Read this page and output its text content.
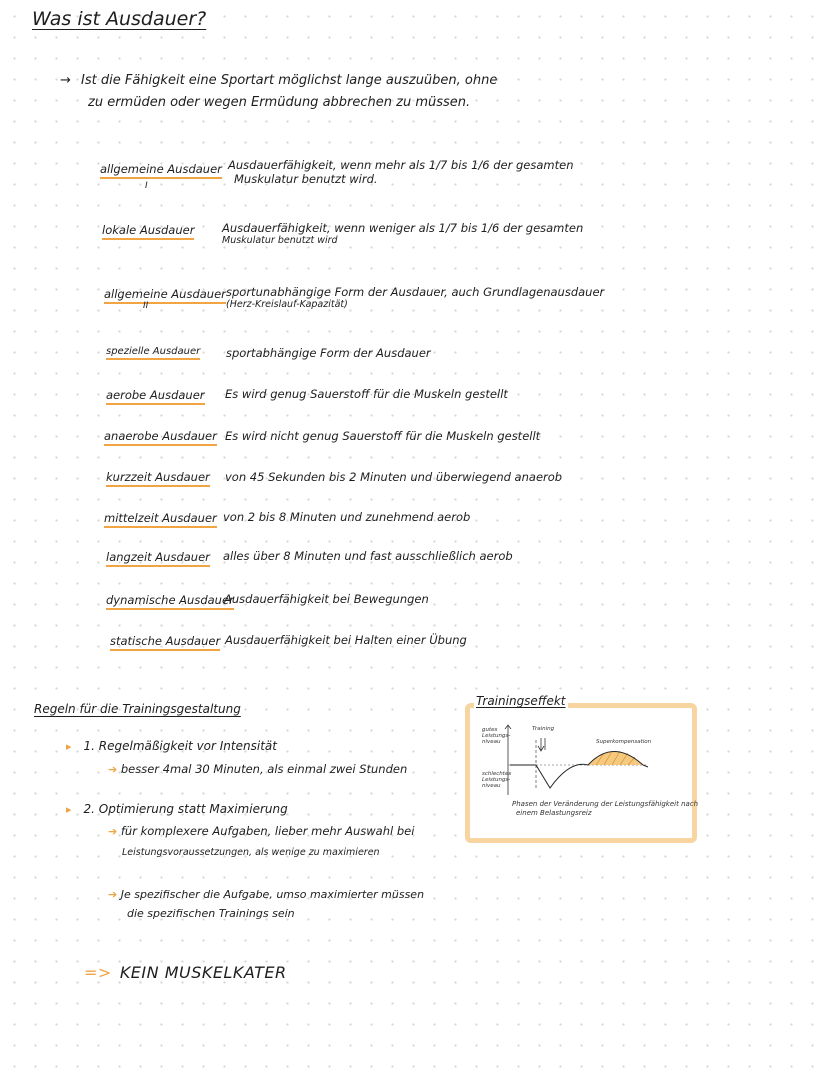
Was ist Ausdauer?
→ Ist die Fähigkeit eine Sportart möglichst lange auszuüben, ohne
zu ermüden oder wegen Ermüdung abbrechen zu müssen.
allgemeine Ausdauer
I
Ausdauerfähigkeit, wenn mehr als 1/7 bis 1/6 der gesamten
Muskulatur benutzt wird.
lokale Ausdauer Ausdauerfähigkeit, wenn weniger als 1/7 bis 1/6 der gesamten
Muskulatur benutzt wird
allgemeine Ausdauer
II
sportunabhängige Form der Ausdauer, auch Grundlagenausdauer
(Herz-Kreislauf-Kapazität)
spezielle Ausdauer sportabhängige Form der Ausdauer
aerobe Ausdauer Es wird genug Sauerstoff für die Muskeln gestellt
anaerobe Ausdauer Es wird nicht genug Sauerstoff für die Muskeln gestellt
kurzzeit Ausdauer von 45 Sekunden bis 2 Minuten und überwiegend anaerob
mittelzeit Ausdauer von 2 bis 8 Minuten und zunehmend aerob
langzeit Ausdauer alles über 8 Minuten und fast ausschließlich aerob
dynamische Ausdauer
Ausdauerfähigkeit bei Bewegungen
statische Ausdauer Ausdauerfähigkeit bei Halten einer Übung
Regeln für die Trainingsgestaltung
▸ 1. Regelmäßigkeit vor Intensität
➔ besser 4mal 30 Minuten, als einmal zwei Stunden
▸ 2. Optimierung statt Maximierung
➔ für komplexere Aufgaben, lieber mehr Auswahl bei
Leistungsvoraussetzungen, als wenige zu maximieren
➔ Je spezifischer die Aufgabe, umso maximierter müssen
die spezifischen Trainings sein
=> KEIN MUSKELKATER
Trainingseffekt
gutes Leistungs-niveau
schlechtes Leistungs-niveau
Training
Superkompensation
Phasen der Veränderung der Leistungsfähigkeit nach
einem Belastungsreiz
